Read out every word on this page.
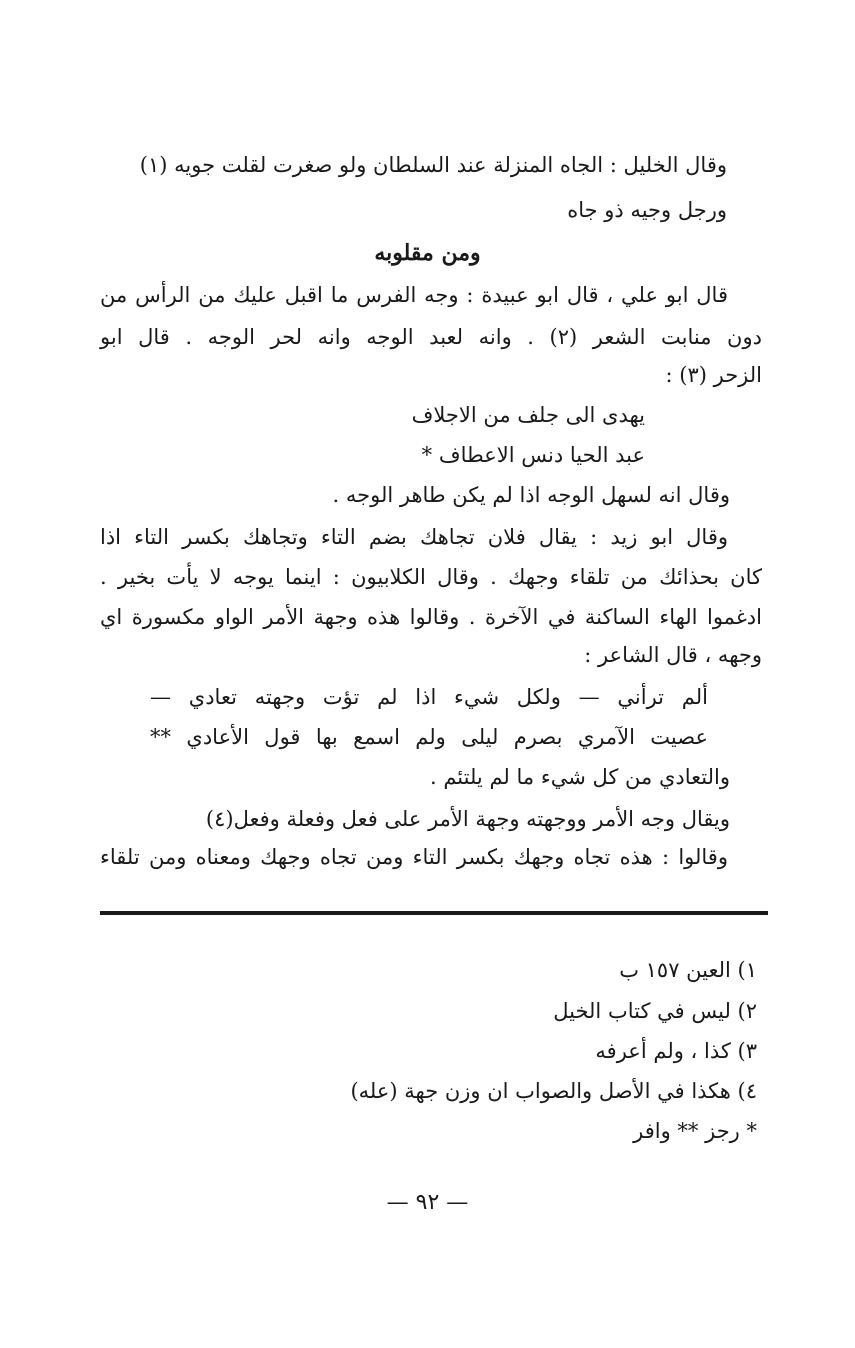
وقال الخليل : الجاه المنزلة عند السلطان ولو صغرت لقلت جويه (١)
ورجل وجيه ذو جاه
ومن مقلوبه
قال ابو علي ، قال ابو عبيدة : وجه الفرس ما اقبل عليك من الرأس من
دون منابت الشعر (٢) . وانه لعبد الوجه وانه لحر الوجه . قال ابو
الزحر (٣) :
يهدى الى جلف من الاجلاف
عبد الحيا دنس الاعطاف *
وقال انه لسهل الوجه اذا لم يكن طاهر الوجه .
وقال ابو زيد : يقال فلان تجاهك بضم التاء وتجاهك بكسر التاء اذا
كان بحذائك من تلقاء وجهك . وقال الكلابيون : اينما يوجه لا يأت بخير .
ادغموا الهاء الساكنة في الآخرة . وقالوا هذه وجهة الأمر الواو مكسورة اي
وجهه ، قال الشاعر :
ألم ترأني — ولكل شيء اذا لم تؤت وجهته تعادي —
عصيت الآمري بصرم ليلى ولم اسمع بها قول الأعادي **
والتعادي من كل شيء ما لم يلتئم .
ويقال وجه الأمر ووجهته وجهة الأمر على فعل وفعلة وفعل(٤)
وقالوا : هذه تجاه وجهك بكسر التاء ومن تجاه وجهك ومعناه ومن تلقاء
١) العين ١٥٧ ب
٢) ليس في كتاب الخيل
٣) كذا ، ولم أعرفه
٤) هكذا في الأصل والصواب ان وزن جهة (عله)
* رجز ** وافر
— ٩٢ —
